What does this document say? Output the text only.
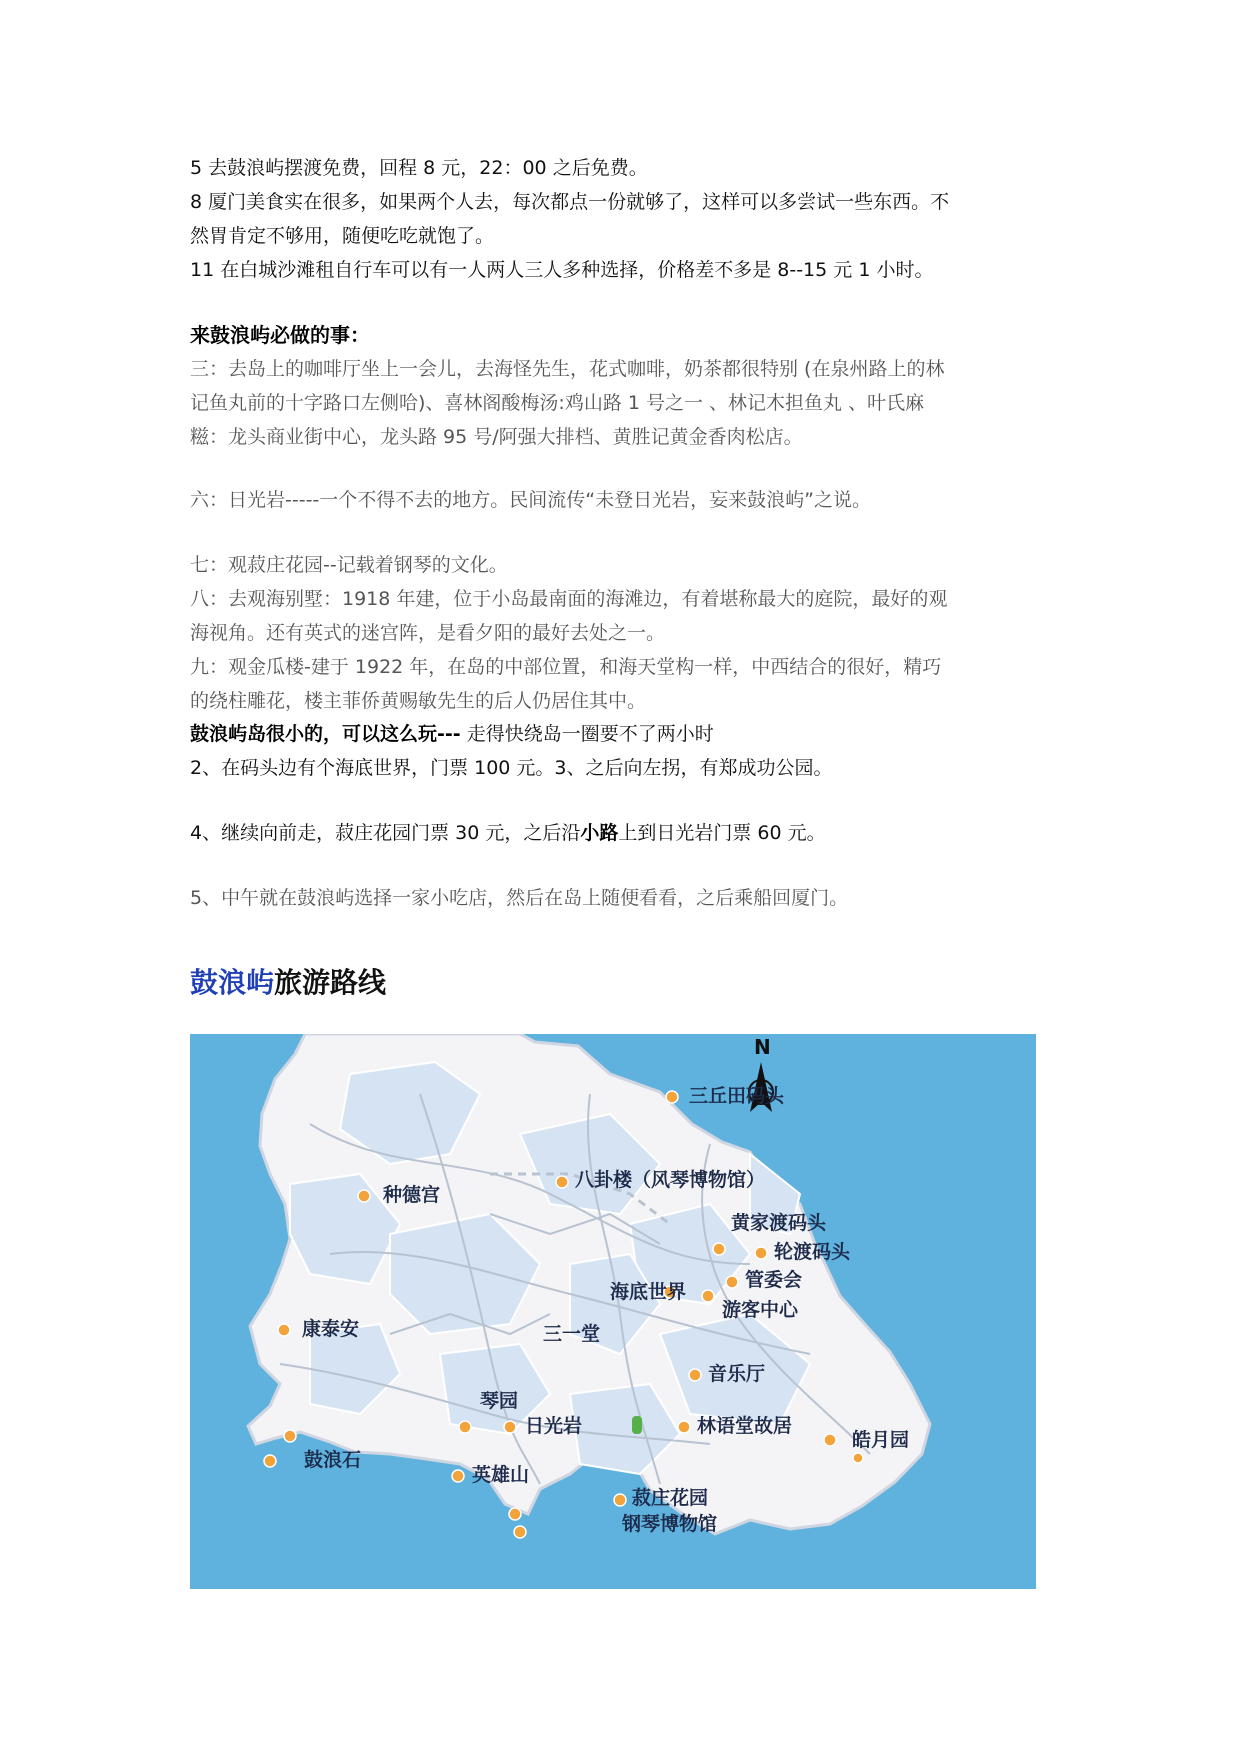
5 去鼓浪屿摆渡免费，回程 8 元，22：00 之后免费。
8 厦门美食实在很多，如果两个人去，每次都点一份就够了，这样可以多尝试一些东西。不
然胃肯定不够用，随便吃吃就饱了。
11 在白城沙滩租自行车可以有一人两人三人多种选择，价格差不多是 8--15 元 1 小时。
来鼓浪屿必做的事：
三：去岛上的咖啡厅坐上一会儿，去海怪先生，花式咖啡，奶茶都很特别 (在泉州路上的林
记鱼丸前的十字路口左侧哈)、喜林阁酸梅汤:鸡山路 1 号之一 、林记木担鱼丸 、叶氏麻
糍：龙头商业街中心，龙头路 95 号/阿强大排档、黄胜记黄金香肉松店。
六：日光岩-----一个不得不去的地方。民间流传“未登日光岩，妄来鼓浪屿”之说。
七：观菽庄花园--记载着钢琴的文化。
八：去观海别墅：1918 年建，位于小岛最南面的海滩边，有着堪称最大的庭院，最好的观
海视角。还有英式的迷宫阵，是看夕阳的最好去处之一。
九：观金瓜楼-建于 1922 年，在岛的中部位置，和海天堂构一样，中西结合的很好，精巧
的绕柱雕花，楼主菲侨黄赐敏先生的后人仍居住其中。
鼓浪屿岛很小的，可以这么玩--- 走得快绕岛一圈要不了两小时
2、在码头边有个海底世界，门票 100 元。3、之后向左拐，有郑成功公园。
4、继续向前走，菽庄花园门票 30 元，之后沿小路上到日光岩门票 60 元。
5、中午就在鼓浪屿选择一家小吃店，然后在岛上随便看看，之后乘船回厦门。
鼓浪屿旅游路线
N
三丘田码头
八卦楼（风琴博物馆）
种德宫
黄家渡码头
轮渡码头
管委会
海底世界
游客中心
康泰安	三一堂
音乐厅
琴园
日光岩	林语堂故居
皓月园
鼓浪石
英雄山
菽庄花园
钢琴博物馆
